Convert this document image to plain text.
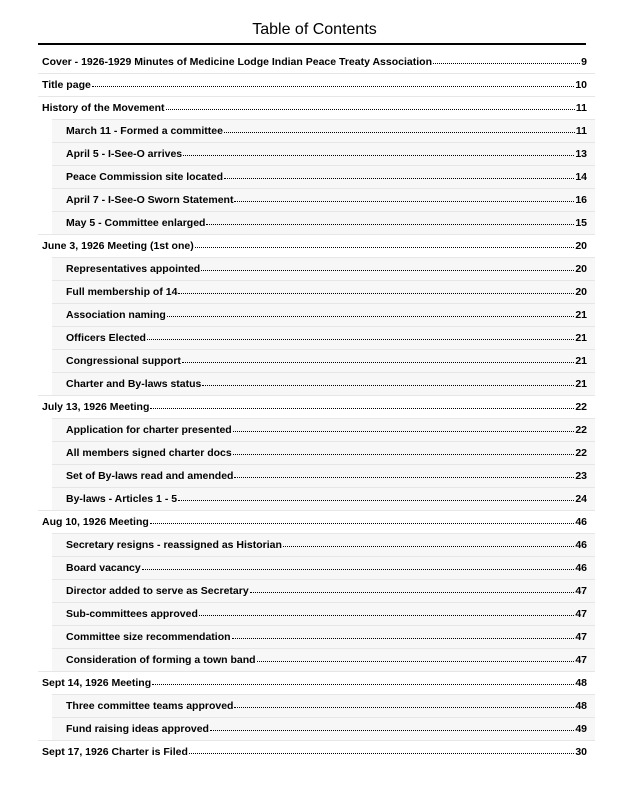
Table of Contents
Cover - 1926-1929 Minutes of Medicine Lodge Indian Peace Treaty Association	9
Title page	10
History of the Movement	11
March 11 - Formed a committee	11
April 5 - I-See-O arrives	13
Peace Commission site located	14
April 7 - I-See-O Sworn Statement	16
May 5 - Committee enlarged	15
June 3, 1926 Meeting (1st one)	20
Representatives appointed	20
Full membership of 14	20
Association naming	21
Officers Elected	21
Congressional support	21
Charter and By-laws status	21
July 13, 1926 Meeting	22
Application for charter presented	22
All members signed charter docs	22
Set of By-laws read and amended	23
By-laws - Articles 1 - 5	24
Aug 10, 1926 Meeting	46
Secretary resigns - reassigned as Historian	46
Board vacancy	46
Director added to serve as Secretary	47
Sub-committees approved	47
Committee size recommendation	47
Consideration of forming a town band	47
Sept 14, 1926 Meeting	48
Three committee teams approved	48
Fund raising ideas approved	49
Sept 17, 1926 Charter is Filed	30
